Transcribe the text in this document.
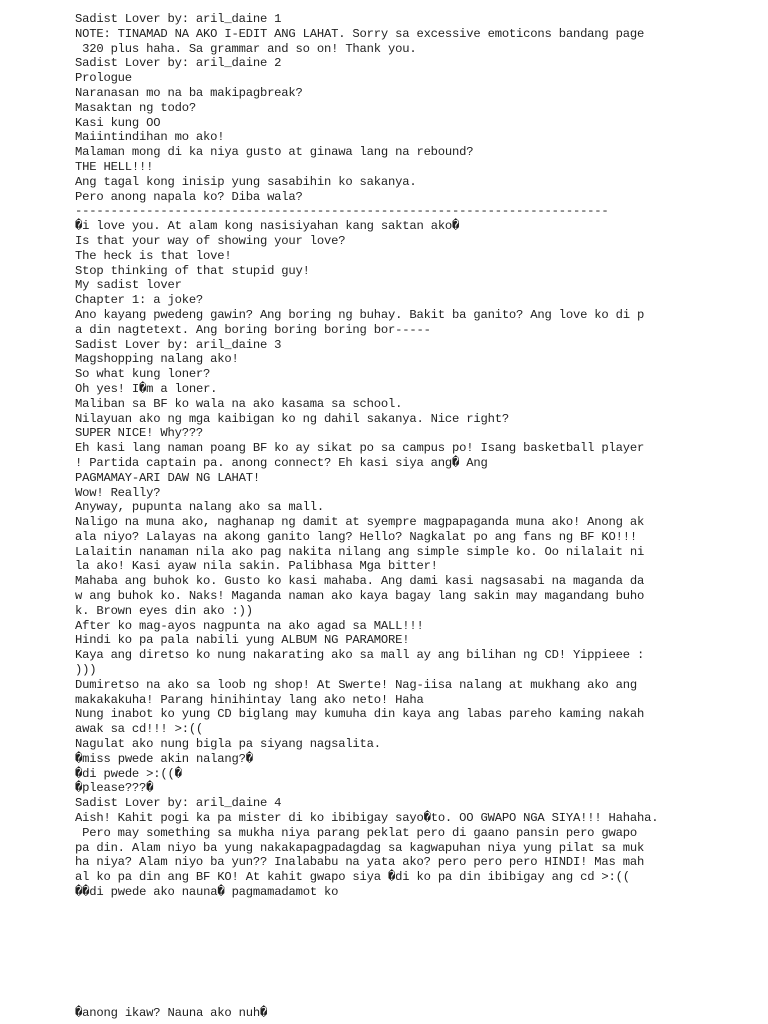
Sadist Lover by: aril_daine 1
NOTE: TINAMAD NA AKO I-EDIT ANG LAHAT. Sorry sa excessive emoticons bandang page
320 plus haha. Sa grammar and so on! Thank you.
Sadist Lover by: aril_daine 2
Prologue
Naranasan mo na ba makipagbreak?
Masaktan ng todo?
Kasi kung OO
Maiintindihan mo ako!
Malaman mong di ka niya gusto at ginawa lang na rebound?
THE HELL!!!
Ang tagal kong inisip yung sasabihin ko sakanya.
Pero anong napala ko? Diba wala?
---------------------------------------------------------------------------
�i love you. At alam kong nasisiyahan kang saktan ako�
Is that your way of showing your love?
The heck is that love!
Stop thinking of that stupid guy!
My sadist lover
Chapter 1: a joke?
Ano kayang pwedeng gawin? Ang boring ng buhay. Bakit ba ganito? Ang love ko di p
a din nagtetext. Ang boring boring boring bor-----
Sadist Lover by: aril_daine 3
Magshopping nalang ako!
So what kung loner?
Oh yes! I�m a loner.
Maliban sa BF ko wala na ako kasama sa school.
Nilayuan ako ng mga kaibigan ko ng dahil sakanya. Nice right?
SUPER NICE! Why???
Eh kasi lang naman poang BF ko ay sikat po sa campus po! Isang basketball player
! Partida captain pa. anong connect? Eh kasi siya ang� Ang
PAGMAMAY-ARI DAW NG LAHAT!
Wow! Really?
Anyway, pupunta nalang ako sa mall.
Naligo na muna ako, naghanap ng damit at syempre magpapaganda muna ako! Anong ak
ala niyo? Lalayas na akong ganito lang? Hello? Nagkalat po ang fans ng BF KO!!!
Lalaitin nanaman nila ako pag nakita nilang ang simple simple ko. Oo nilalait ni
la ako! Kasi ayaw nila sakin. Palibhasa Mga bitter!
Mahaba ang buhok ko. Gusto ko kasi mahaba. Ang dami kasi nagsasabi na maganda da
w ang buhok ko. Naks! Maganda naman ako kaya bagay lang sakin may magandang buho
k. Brown eyes din ako :))
After ko mag-ayos nagpunta na ako agad sa MALL!!!
Hindi ko pa pala nabili yung ALBUM NG PARAMORE!
Kaya ang diretso ko nung nakarating ako sa mall ay ang bilihan ng CD! Yippieee :
)))
Dumiretso na ako sa loob ng shop! At Swerte! Nag-iisa nalang at mukhang ako ang
makakakuha! Parang hinihintay lang ako neto! Haha
Nung inabot ko yung CD biglang may kumuha din kaya ang labas pareho kaming nakah
awak sa cd!!! >:((
Nagulat ako nung bigla pa siyang nagsalita.
�miss pwede akin nalang?�
�di pwede >:((�
�please???�
Sadist Lover by: aril_daine 4
Aish! Kahit pogi ka pa mister di ko ibibigay sayo�to. OO GWAPO NGA SIYA!!! Hahaha.
Pero may something sa mukha niya parang peklat pero di gaano pansin pero gwapo
pa din. Alam niyo ba yung nakakapagpadagdag sa kagwapuhan niya yung pilat sa muk
ha niya? Alam niyo ba yun?? Inalababu na yata ako? pero pero pero HINDI! Mas mah
al ko pa din ang BF KO! At kahit gwapo siya �di ko pa din ibibigay ang cd >:((
��di pwede ako nauna� pagmamadamot ko
�anong ikaw? Nauna ako nuh�
